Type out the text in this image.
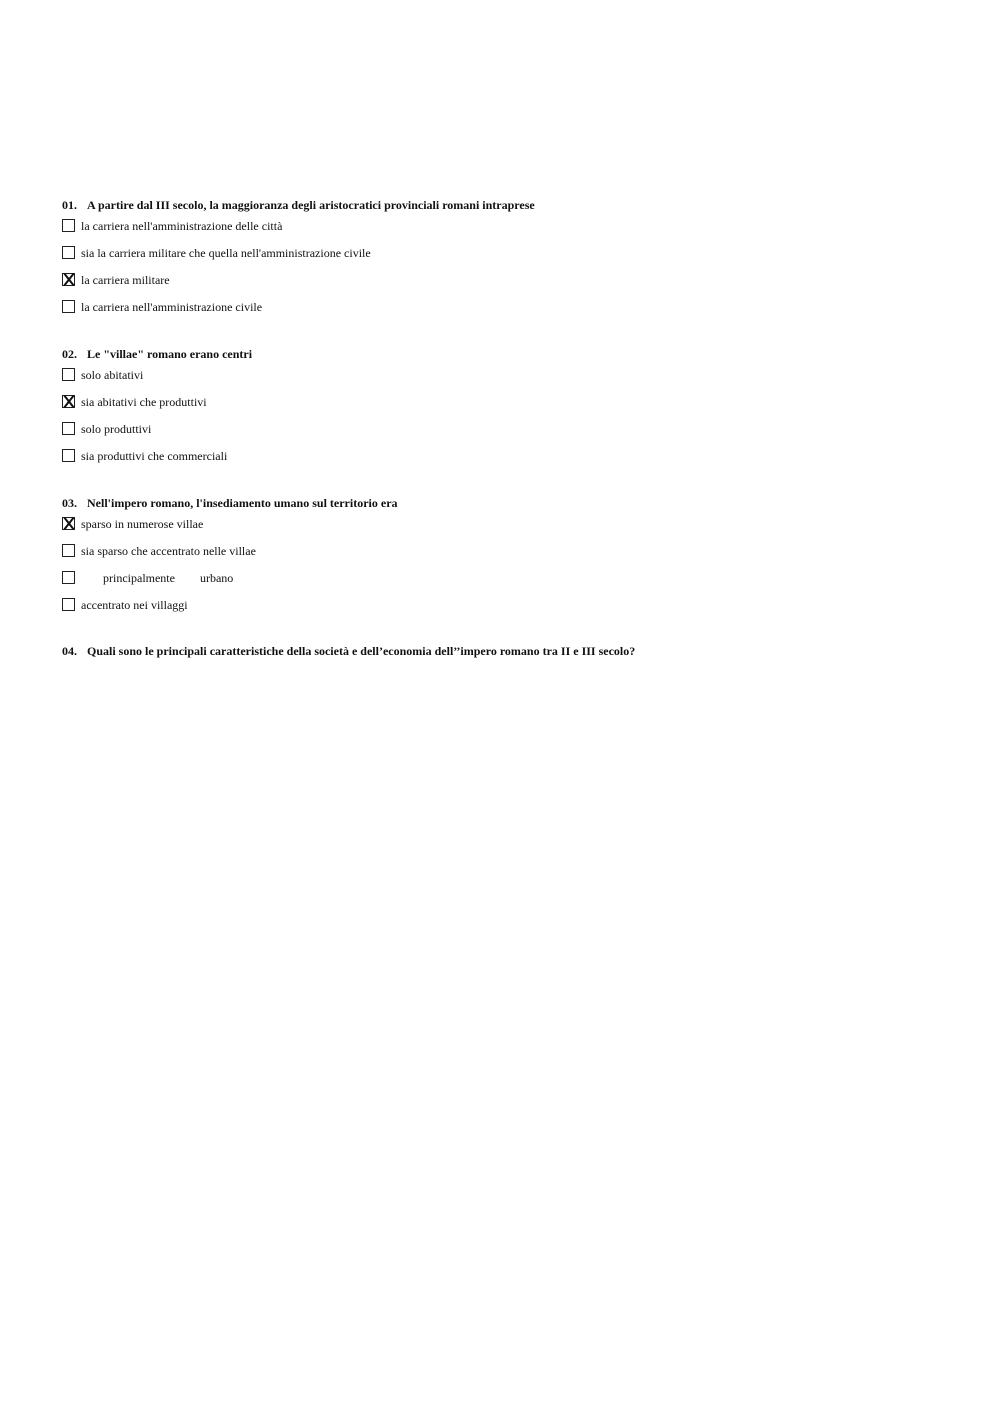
01. A partire dal III secolo, la maggioranza degli aristocratici provinciali romani intraprese
la carriera nell'amministrazione delle città
sia la carriera militare che quella nell'amministrazione civile
la carriera militare
la carriera nell'amministrazione civile
02. Le "villae" romano erano centri
solo abitativi
sia abitativi che produttivi
solo produttivi
sia produttivi che commerciali
03. Nell'impero romano, l'insediamento umano sul territorio era
sparso in numerose villae
sia sparso che accentrato nelle villae
principalmente urbano
accentrato nei villaggi
04. Quali sono le principali caratteristiche della società e dell’economia dell’’impero romano tra II e III secolo?
